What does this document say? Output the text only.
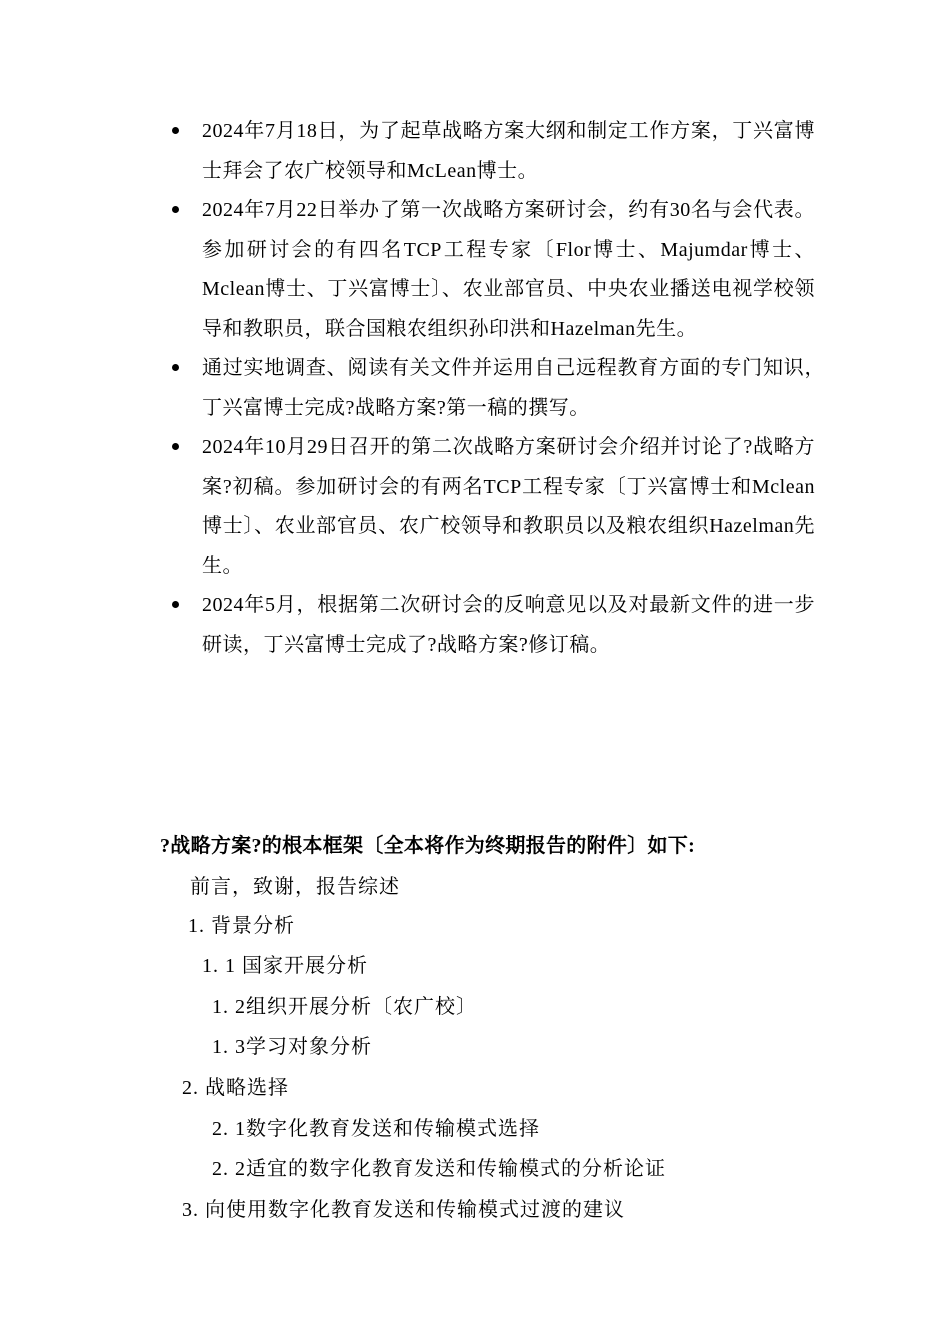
2024年7月18日，为了起草战略方案大纲和制定工作方案，丁兴富博士拜会了农广校领导和McLean博士。
2024年7月22日举办了第一次战略方案研讨会，约有30名与会代表。参加研讨会的有四名TCP工程专家〔Flor博士、Majumdar博士、Mclean博士、丁兴富博士〕、农业部官员、中央农业播送电视学校领导和教职员，联合国粮农组织孙印洪和Hazelman先生。
通过实地调查、阅读有关文件并运用自己远程教育方面的专门知识，　丁兴富博士完成?战略方案?第一稿的撰写。
2024年10月29日召开的第二次战略方案研讨会介绍并讨论了?战略方案?初稿。参加研讨会的有两名TCP工程专家〔丁兴富博士和Mclean博士〕、农业部官员、农广校领导和教职员以及粮农组织Hazelman先生。
2024年5月，根据第二次研讨会的反响意见以及对最新文件的进一步研读，丁兴富博士完成了?战略方案?修订稿。
?战略方案?的根本框架〔全本将作为终期报告的附件〕如下:
前言，致谢，报告综述
1. 背景分析
1. 1 国家开展分析
1. 2组织开展分析〔农广校〕
1. 3学习对象分析
2. 战略选择
2. 1数字化教育发送和传输模式选择
2. 2适宜的数字化教育发送和传输模式的分析论证
3. 向使用数字化教育发送和传输模式过渡的建议
